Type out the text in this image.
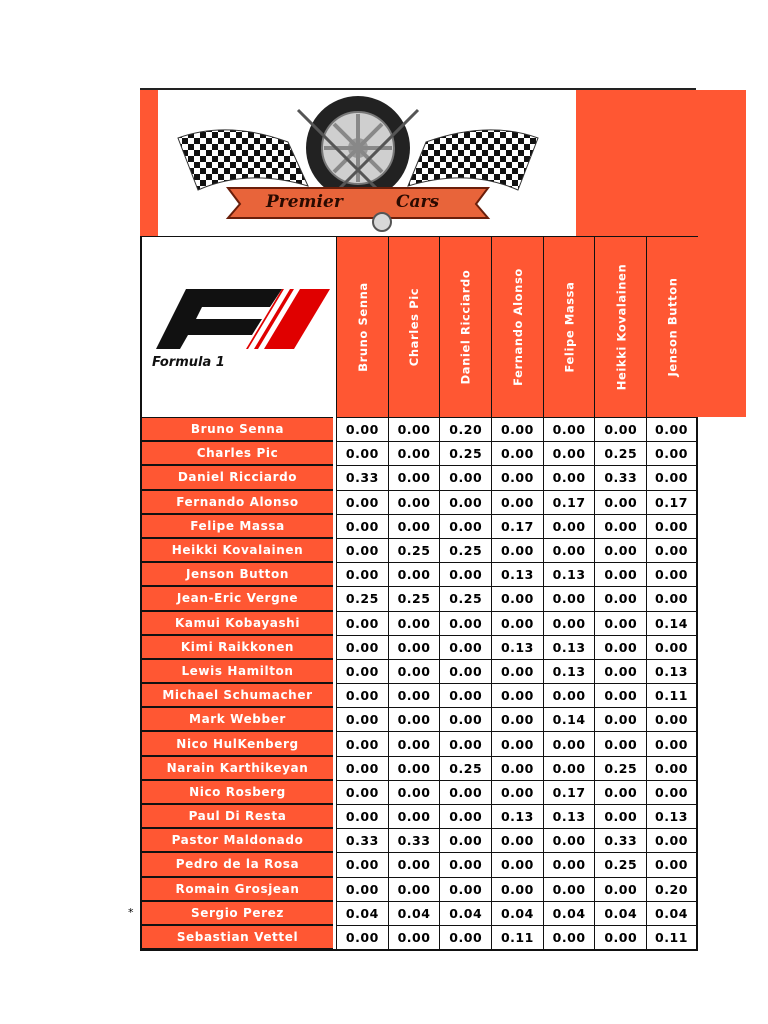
Premier	Cars
Formula 1	Bruno Senna	Charles Pic	Daniel Ricciardo	Fernando Alonso	Felipe Massa	Heikki Kovalainen	Jenson Button
Bruno Senna	0.00	0.00	0.20	0.00	0.00	0.00	0.00
Charles Pic	0.00	0.00	0.25	0.00	0.00	0.25	0.00
Daniel Ricciardo	0.33	0.00	0.00	0.00	0.00	0.33	0.00
Fernando Alonso	0.00	0.00	0.00	0.00	0.17	0.00	0.17
Felipe Massa	0.00	0.00	0.00	0.17	0.00	0.00	0.00
Heikki Kovalainen	0.00	0.25	0.25	0.00	0.00	0.00	0.00
Jenson Button	0.00	0.00	0.00	0.13	0.13	0.00	0.00
Jean-Eric Vergne	0.25	0.25	0.25	0.00	0.00	0.00	0.00
Kamui Kobayashi	0.00	0.00	0.00	0.00	0.00	0.00	0.14
Kimi Raikkonen	0.00	0.00	0.00	0.13	0.13	0.00	0.00
Lewis Hamilton	0.00	0.00	0.00	0.00	0.13	0.00	0.13
Michael Schumacher	0.00	0.00	0.00	0.00	0.00	0.00	0.11
Mark Webber	0.00	0.00	0.00	0.00	0.14	0.00	0.00
Nico HulKenberg	0.00	0.00	0.00	0.00	0.00	0.00	0.00
Narain Karthikeyan	0.00	0.00	0.25	0.00	0.00	0.25	0.00
Nico Rosberg	0.00	0.00	0.00	0.00	0.17	0.00	0.00
Paul Di Resta	0.00	0.00	0.00	0.13	0.13	0.00	0.13
Pastor Maldonado	0.33	0.33	0.00	0.00	0.00	0.33	0.00
Pedro de la Rosa	0.00	0.00	0.00	0.00	0.00	0.25	0.00
Romain Grosjean	0.00	0.00	0.00	0.00	0.00	0.00	0.20
Sergio Perez	0.04	0.04	0.04	0.04	0.04	0.04	0.04
Sebastian Vettel	0.00	0.00	0.00	0.11	0.00	0.00	0.11
*
